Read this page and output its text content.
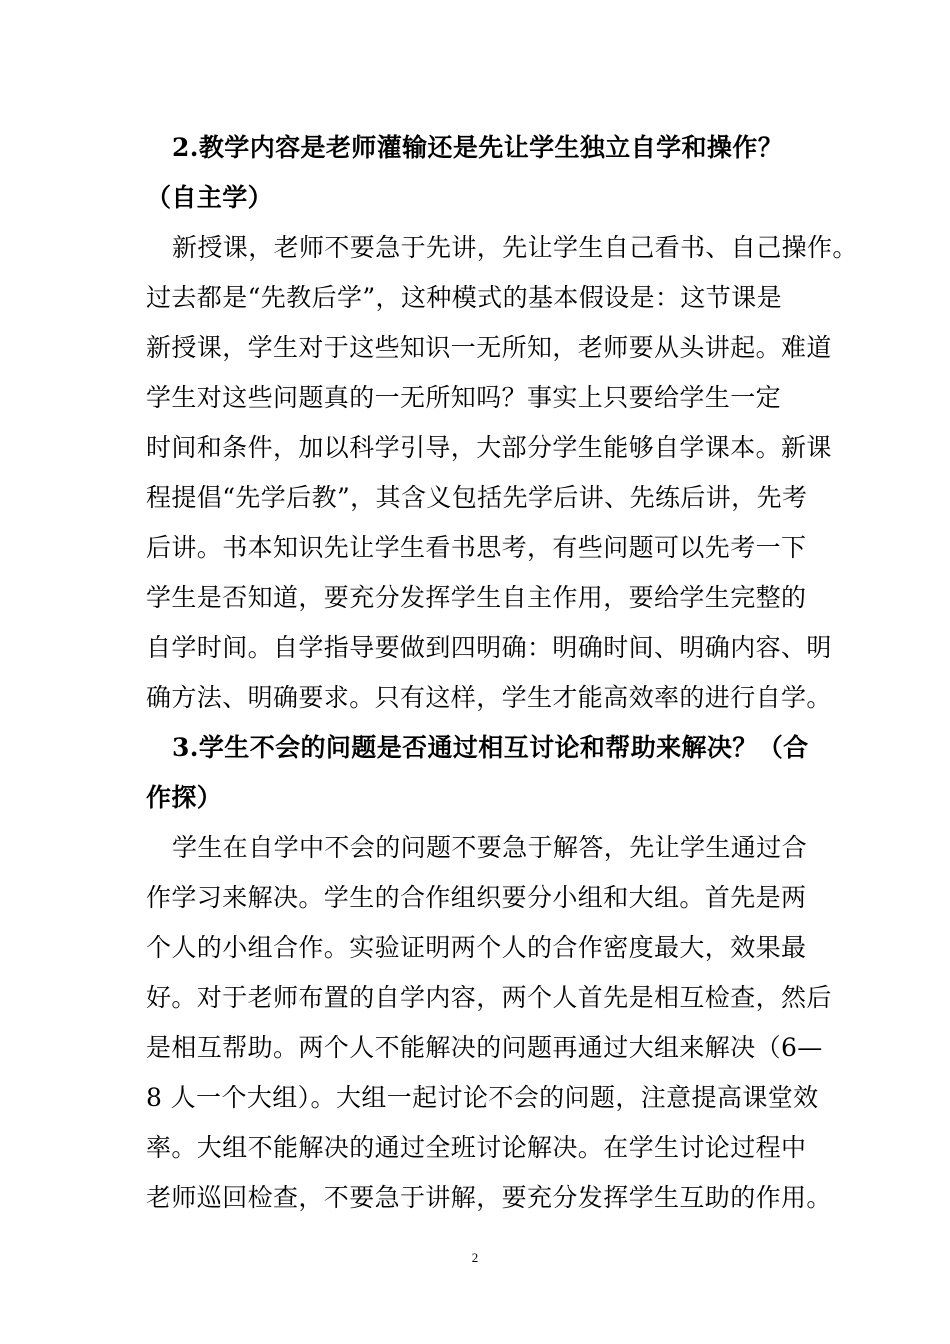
2.教学内容是老师灌输还是先让学生独立自学和操作？
（自主学）
新授课，老师不要急于先讲，先让学生自己看书、自己操作。
过去都是“先教后学”，这种模式的基本假设是：这节课是
新授课，学生对于这些知识一无所知，老师要从头讲起。难道
学生对这些问题真的一无所知吗？事实上只要给学生一定
时间和条件，加以科学引导，大部分学生能够自学课本。新课
程提倡“先学后教”，其含义包括先学后讲、先练后讲，先考
后讲。书本知识先让学生看书思考，有些问题可以先考一下
学生是否知道，要充分发挥学生自主作用，要给学生完整的
自学时间。自学指导要做到四明确：明确时间、明确内容、明
确方法、明确要求。只有这样，学生才能高效率的进行自学。
3.学生不会的问题是否通过相互讨论和帮助来解决？（合
作探）
学生在自学中不会的问题不要急于解答，先让学生通过合
作学习来解决。学生的合作组织要分小组和大组。首先是两
个人的小组合作。实验证明两个人的合作密度最大，效果最
好。对于老师布置的自学内容，两个人首先是相互检查，然后
是相互帮助。两个人不能解决的问题再通过大组来解决（6—
8 人一个大组）。大组一起讨论不会的问题，注意提高课堂效
率。大组不能解决的通过全班讨论解决。在学生讨论过程中
老师巡回检查，不要急于讲解，要充分发挥学生互助的作用。
2
